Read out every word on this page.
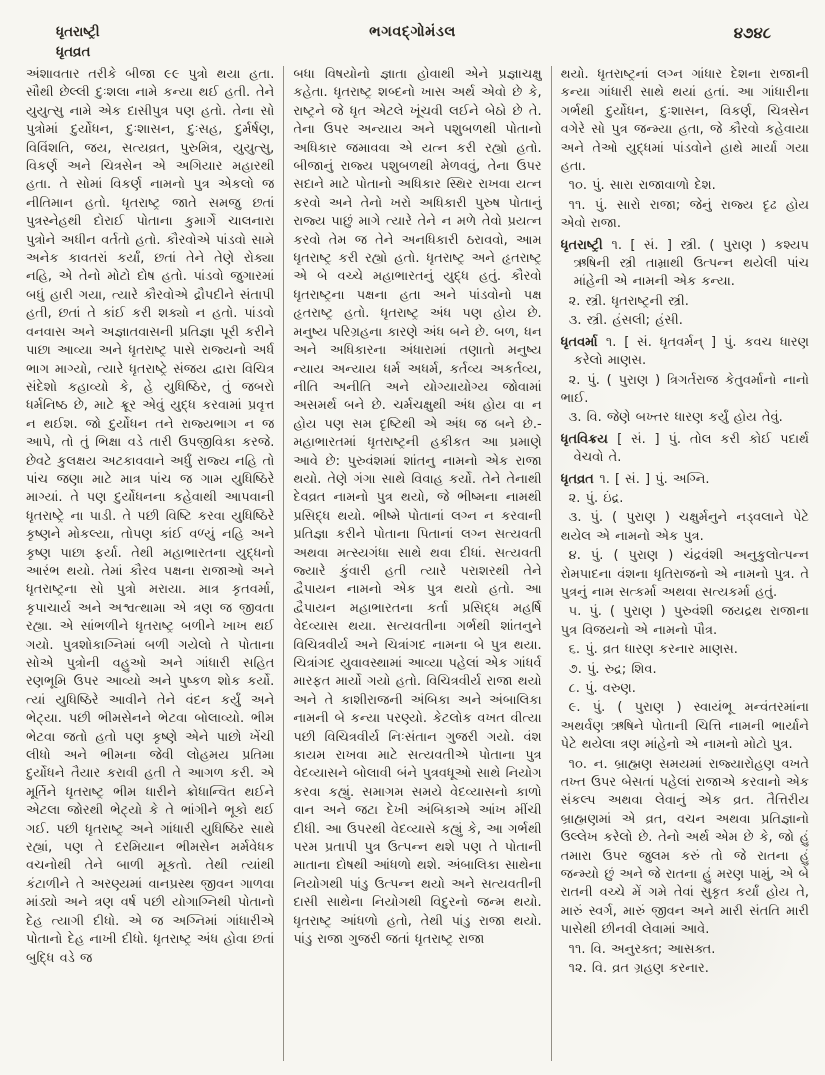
ધૃતરાષ્ટ્રી
ધૃતવ્રત
ભગવદ્ગોમંડલ	૪૭૪૮

અંશાવતાર તરીકે બીજા ૯૯ પુત્રો થયા હતા. સૌથી છેલ્લી દુઃશલા નામે કન્યા થઈ હતી. તેને યુયુત્સુ નામે એક દાસીપુત્ર પણ હતો. તેના સો પુત્રોમાં દુર્યોધન, દુઃશાસન, દુઃસહ, દુર્મર્ષણ, વિવિંશતિ, જય, સત્યવ્રત, પુરુમિત્ર, યુયુત્સુ, વિકર્ણ અને ચિત્રસેન એ અગિયાર મહારથી હતા. તે સોમાં વિકર્ણ નામનો પુત્ર એકલો જ નીતિમાન હતો. ધૃતરાષ્ટ્ર જાતે સમજુ છતાં પુત્રસ્નેહથી દોરાઈ પોતાના કુમાર્ગે ચાલનારા પુત્રોને અધીન વર્તતો હતો. કૌરવોએ પાંડવો સામે અનેક કાવતરાં કર્યાં, છતાં તેને તેણે રોક્યા નહિ, એ તેનો મોટો દોષ હતો. પાંડવો જુગારમાં બધું હારી ગયા, ત્યારે કૌરવોએ દ્રૌપદીને સંતાપી હતી, છતાં તે કાંઈ કરી શક્યો ન હતો. પાંડવો વનવાસ અને અજ્ઞાતવાસની પ્રતિજ્ઞા પૂરી કરીને પાછા આવ્યા અને ધૃતરાષ્ટ્ર પાસે રાજ્યનો અર્ધ ભાગ માગ્યો, ત્યારે ધૃતરાષ્ટ્રે સંજય દ્વારા વિચિત્ર સંદેશો કહાવ્યો કે, હે યુધિષ્ઠિર, તું જબરો ધર્મનિષ્ઠ છે, માટે ક્રૂર એવું યુદ્ધ કરવામાં પ્રવૃત્ત ન થઈશ. જો દુર્યોધન તને રાજ્યભાગ ન જ આપે, તો તું ભિક્ષા વડે તારી ઉપજીવિકા કરજે. છેવટે કુલક્ષય અટકાવવાને અર્ધું રાજ્ય નહિ તો પાંચ જણા માટે માત્ર પાંચ જ ગામ યુધિષ્ઠિરે માગ્યાં. તે પણ દુર્યોધનના કહેવાથી આપવાની ધૃતરાષ્ટ્રે ના પાડી. તે પછી વિષ્ટિ કરવા યુધિષ્ઠિરે કૃષ્ણને મોકલ્યા, તોપણ કાંઈ વળ્યું નહિ અને કૃષ્ણ પાછા ફર્યા. તેથી મહાભારતના યુદ્ધનો આરંભ થયો. તેમાં કૌરવ પક્ષના રાજાઓ અને ધૃતરાષ્ટ્રના સો પુત્રો મરાયા. માત્ર કૃતવર્મા, કૃપાચાર્ય અને અશ્વત્થામા એ ત્રણ જ જીવતા રહ્યા. એ સાંભળીને ધૃતરાષ્ટ્ર બળીને ખાખ થઈ ગયો. પુત્રશોકાગ્નિમાં બળી ગયેલો તે પોતાના સોએ પુત્રોની વહુઓ અને ગાંધારી સહિત રણભૂમિ ઉપર આવ્યો અને પુષ્કળ શોક કર્યો. ત્યાં યુધિષ્ઠિરે આવીને તેને વંદન કર્યું અને ભેટ્યા. પછી ભીમસેનને ભેટવા બોલાવ્યો. ભીમ ભેટવા જતો હતો પણ કૃષ્ણે એને પાછો ખેંચી લીધો અને ભીમના જેવી લોહમય પ્રતિમા દુર્યોધને તૈયાર કરાવી હતી તે આગળ કરી. એ મૂર્તિને ધૃતરાષ્ટ્ર ભીમ ધારીને ક્રોધાન્વિત થઈને એટલા જોરથી ભેટ્યો કે તે ભાંગીને ભૂકો થઈ ગઈ. પછી ધૃતરાષ્ટ્ર અને ગાંધારી યુધિષ્ઠિર સાથે રહ્યાં, પણ તે દરમિયાન ભીમસેન મર્મવેધક વચનોથી તેને બાળી મૂકતો. તેથી ત્યાંથી કંટાળીને તે અરણ્યમાં વાનપ્રસ્થ જીવન ગાળવા માંડ્યો અને ત્રણ વર્ષ પછી યોગાગ્નિથી પોતાનો દેહ ત્યાગી દીધો. એ જ અગ્નિમાં ગાંધારીએ પોતાનો દેહ નાખી દીધો. ધૃતરાષ્ટ્ર અંધ હોવા છતાં બુદ્ધિ વડે જ

બધા વિષયોનો જ્ઞાતા હોવાથી એને પ્રજ્ઞાચક્ષુ કહેતા. ધૃતરાષ્ટ્ર શબ્દનો ખાસ અર્થ એવો છે કે, રાષ્ટ્રને જે ધૃત એટલે ખૂંચવી લઈને બેઠો છે તે. તેના ઉપર અન્યાય અને પશુબળથી પોતાનો અધિકાર જમાવવા એ યત્ન કરી રહ્યો હતો. બીજાનું રાજ્ય પશુબળથી મેળવવું, તેના ઉપર સદાને માટે પોતાનો અધિકાર સ્થિર રાખવા યત્ન કરવો અને તેનો ખરો અધિકારી પુરુષ પોતાનું રાજ્ય પાછું માગે ત્યારે તેને ન મળે તેવો પ્રયત્ન કરવો તેમ જ તેને અનધિકારી ઠરાવવો, આમ ધૃતરાષ્ટ્ર કરી રહ્યો હતો. ધૃતરાષ્ટ્ર અને હૃતરાષ્ટ્ર એ બે વચ્ચે મહાભારતનું યુદ્ધ હતું. કૌરવો ધૃતરાષ્ટ્રના પક્ષના હતા અને પાંડવોનો પક્ષ હૃતરાષ્ટ્ર હતો. ધૃતરાષ્ટ્ર અંધ પણ હોય છે. મનુષ્ય પરિગ્રહના કારણે અંધ બને છે. બળ, ધન અને અધિકારના અંધારામાં તણાતો મનુષ્ય ન્યાય અન્યાય ધર્મ અધર્મ, કર્તવ્ય અકર્તવ્ય, નીતિ અનીતિ અને યોગ્યાયોગ્ય જોવામાં અસમર્થ બને છે. ચર્મચક્ષુથી અંધ હોય વા ન હોય પણ સમ દૃષ્ટિથી એ અંધ જ બને છે.- મહાભારતમાં ધૃતરાષ્ટ્રની હકીકત આ પ્રમાણે આવે છે: પુરુવંશમાં શાંતનુ નામનો એક રાજા થયો. તેણે ગંગા સાથે વિવાહ કર્યો. તેને તેનાથી દેવવ્રત નામનો પુત્ર થયો, જે ભીષ્મના નામથી પ્રસિદ્ધ થયો. ભીષ્મે પોતાનાં લગ્ન ન કરવાની પ્રતિજ્ઞા કરીને પોતાના પિતાનાં લગ્ન સત્યવતી અથવા મત્સ્યગંધા સાથે થવા દીધાં. સત્યવતી જ્યારે કુંવારી હતી ત્યારે પરાશરથી તેને દ્વૈપાયન નામનો એક પુત્ર થયો હતો. આ દ્વૈપાયન મહાભારતના કર્તા પ્રસિદ્ધ મહર્ષિ વેદવ્યાસ થયા. સત્યવતીના ગર્ભથી શાંતનુને વિચિત્રવીર્ય અને ચિત્રાંગદ નામના બે પુત્ર થયા. ચિત્રાંગદ યુવાવસ્થામાં આવ્યા પહેલાં એક ગાંધર્વ મારફત માર્યો ગયો હતો. વિચિત્રવીર્ય રાજા થયો અને તે કાશીરાજની અંબિકા અને અંબાલિકા નામની બે કન્યા પરણ્યો. કેટલોક વખત વીત્યા પછી વિચિત્રવીર્ય નિઃસંતાન ગુજરી ગયો. વંશ કાયમ રાખવા માટે સત્યવતીએ પોતાના પુત્ર વેદવ્યાસને બોલાવી બંને પુત્રવધૂઓ સાથે નિયોગ કરવા કહ્યું. સમાગમ સમયે વેદવ્યાસનો કાળો વાન અને જટા દેખી અંબિકાએ આંખ મીંચી દીધી. આ ઉપરથી વેદવ્યાસે કહ્યું કે, આ ગર્ભથી પરમ પ્રતાપી પુત્ર ઉત્પન્ન થશે પણ તે પોતાની માતાના દોષથી આંધળો થશે. અંબાલિકા સાથેના નિયોગથી પાંડુ ઉત્પન્ન થયો અને સત્યવતીની દાસી સાથેના નિયોગથી વિદુરનો જન્મ થયો. ધૃતરાષ્ટ્ર આંધળો હતો, તેથી પાંડુ રાજા થયો. પાંડુ રાજા ગુજરી જતાં ધૃતરાષ્ટ્ર રાજા

થયો. ધૃતરાષ્ટ્રનાં લગ્ન ગાંધાર દેશના રાજાની કન્યા ગાંધારી સાથે થયાં હતાં. આ ગાંધારીના ગર્ભથી દુર્યોધન, દુઃશાસન, વિકર્ણ, ચિત્રસેન વગેરે સો પુત્ર જન્મ્યા હતા, જે કૌરવો કહેવાયા અને તેઓ યુદ્ધમાં પાંડવોને હાથે માર્યા ગયા હતા.

૧૦. પું. સારા રાજાવાળો દેશ.

૧૧. પું. સારો રાજા; જેનું રાજ્ય દૃઢ હોય એવો રાજા.

ધૃતરાષ્ટ્રી ૧. [ સં. ] સ્ત્રી. ( પુરાણ ) કશ્યપ ઋષિની સ્ત્રી તામ્રાથી ઉત્પન્ન થયેલી પાંચ માંહેની એ નામની એક કન્યા.

૨. સ્ત્રી. ધૃતરાષ્ટ્રની સ્ત્રી.

૩. સ્ત્રી. હંસલી; હંસી.

ધૃતવર્મા ૧. [ સં. ધૃતવર્મન્ ] પું. કવચ ધારણ કરેલો માણસ.

૨. પું. ( પુરાણ ) ત્રિગર્તરાજ કેતુવર્માનો નાનો ભાઈ.

૩. વિ. જેણે બખ્તર ધારણ કર્યું હોય તેવું.

ધૃતવિક્રય [ સં. ] પું. તોલ કરી કોઈ પદાર્થ વેચવો તે.

ધૃતવ્રત ૧. [ સં. ] પું. અગ્નિ.

૨. પું. ઇંદ્ર.

૩. પું. ( પુરાણ ) ચક્ષુર્મનુને નડ્વલાને પેટે થયેલ એ નામનો એક પુત્ર.

૪. પું. ( પુરાણ ) ચંદ્રવંશી અનુકુલોત્પન્ન રોમપાદના વંશના ધૃતિરાજનો એ નામનો પુત્ર. તે પુત્રનું નામ સત્કર્મા અથવા સત્યકર્મા હતું.

૫. પું. ( પુરાણ ) પુરુવંશી જયદ્રથ રાજાના પુત્ર વિજયનો એ નામનો પૌત્ર.

૬. પું. વ્રત ધારણ કરનાર માણસ.

૭. પું. રુદ્ર; શિવ.

૮. પું. વરુણ.

૯. પું. ( પુરાણ ) સ્વાયંભૂ મન્વંતરમાંના અથર્વણ ઋષિને પોતાની ચિત્તિ નામની ભાર્યાને પેટે થયેલા ત્રણ માંહેનો એ નામનો મોટો પુત્ર.

૧૦. ન. બ્રાહ્મણ સમયમાં રાજ્યારોહણ વખતે તખ્ત ઉપર બેસતાં પહેલાં રાજાએ કરવાનો એક સંકલ્પ અથવા લેવાનું એક વ્રત. તૈત્તિરીય બ્રાહ્મણમાં એ વ્રત, વચન અથવા પ્રતિજ્ઞાનો ઉલ્લેખ કરેલો છે. તેનો અર્થ એમ છે કે, જો હું તમારા ઉપર જુલમ કરું તો જે રાતના હું જન્મ્યો છું અને જે રાતના હું મરણ પામું, એ બે રાતની વચ્ચે મેં ગમે તેવાં સુકૃત કર્યાં હોય તે, મારું સ્વર્ગ, મારું જીવન અને મારી સંતતિ મારી પાસેથી છીનવી લેવામાં આવે.

૧૧. વિ. અનુરક્ત; આસક્ત.

૧૨. વિ. વ્રત ગ્રહણ કરનાર.
